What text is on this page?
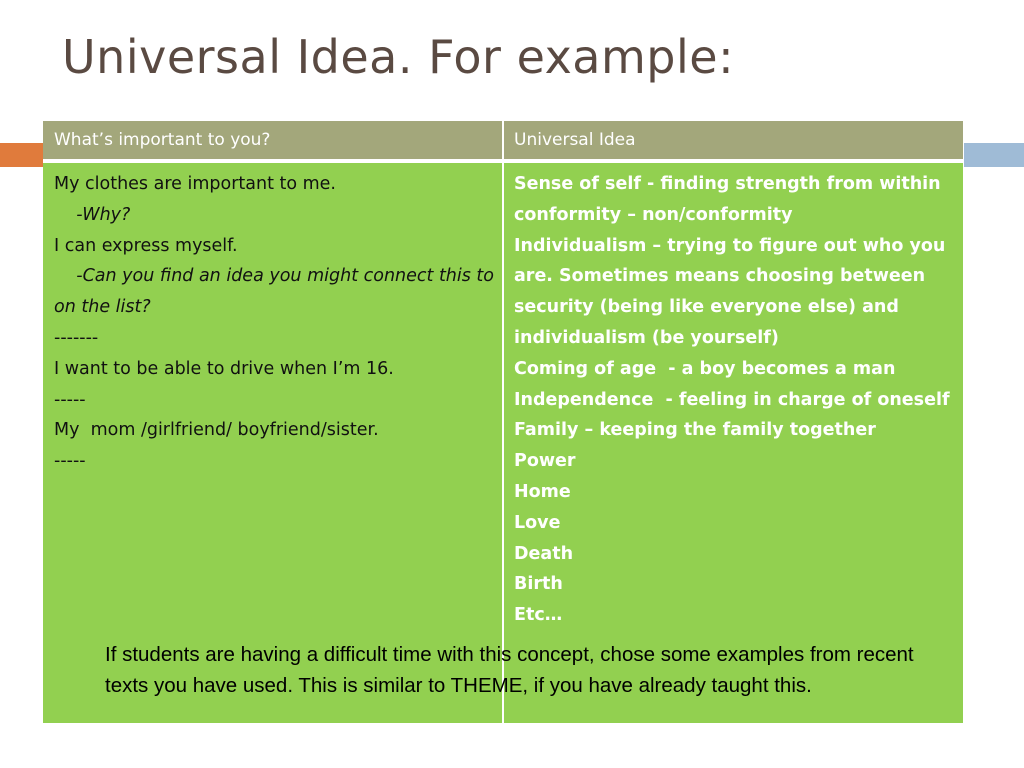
Universal Idea. For example:
What’s important to you?	Universal Idea
My clothes are important to me.
-Why?
I can express myself.
-Can you find an idea you might connect this to on the list?
-------
I want to be able to drive when I’m 16.
-----
My  mom /girlfriend/ boyfriend/sister.
-----
Sense of self - finding strength from within
conformity – non/conformity
Individualism – trying to figure out who you are. Sometimes means choosing between security (being like everyone else) and individualism (be yourself)
Coming of age  - a boy becomes a man
Independence  - feeling in charge of oneself
Family – keeping the family together
Power
Home
Love
Death
Birth
Etc…
If students are having a difficult time with this concept, chose some examples from recent texts you have used. This is similar to THEME, if you have already taught this.
